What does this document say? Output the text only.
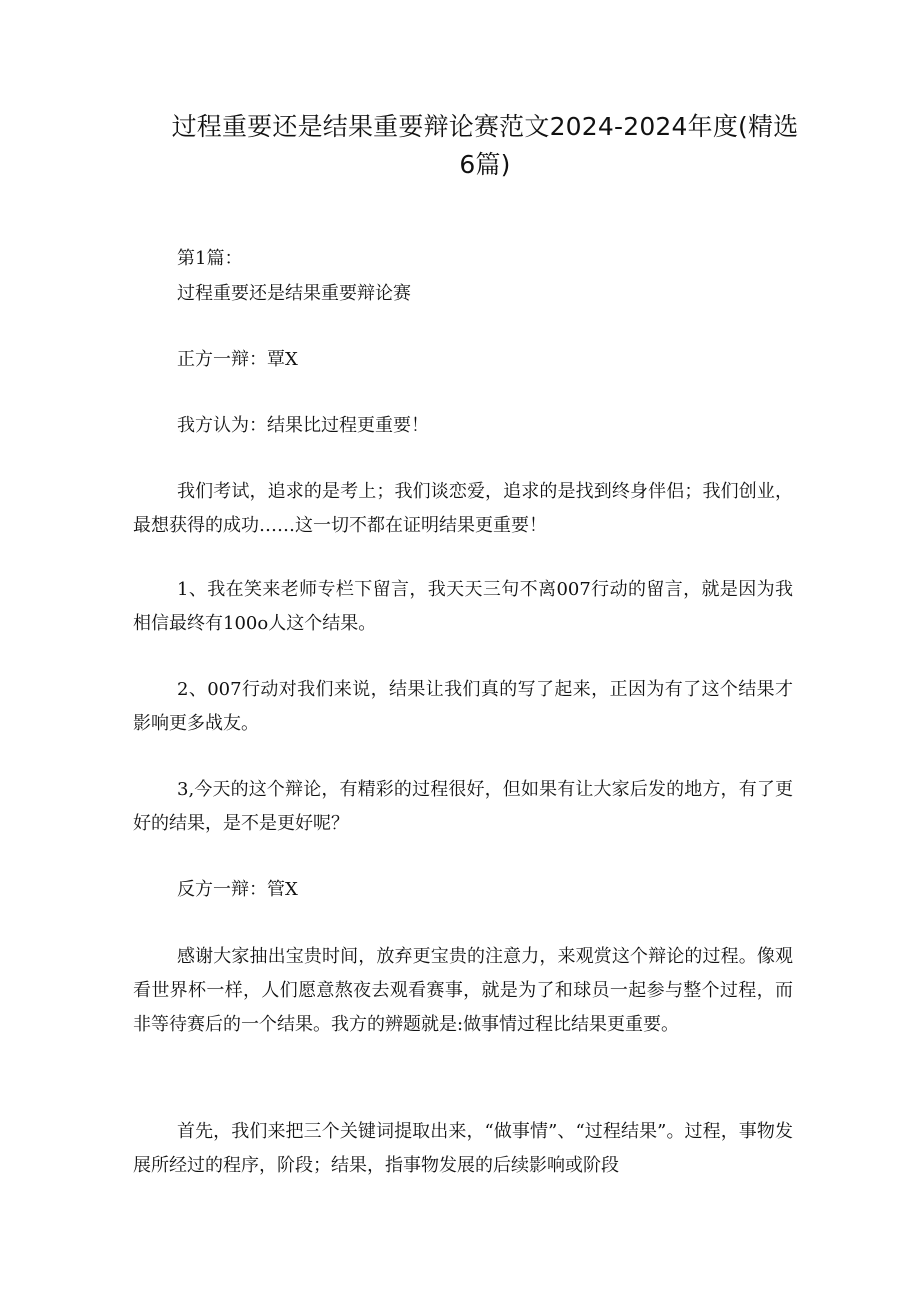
过程重要还是结果重要辩论赛范文2024-2024年度(精选6篇)

第1篇：

过程重要还是结果重要辩论赛

正方一辩：覃X

我方认为：结果比过程更重要！

我们考试，追求的是考上；我们谈恋爱，追求的是找到终身伴侣；我们创业，最想获得的成功……这一切不都在证明结果更重要！

1、我在笑来老师专栏下留言，我天天三句不离007行动的留言，就是因为我相信最终有100o人这个结果。

2、007行动对我们来说，结果让我们真的写了起来，正因为有了这个结果才影响更多战友。

3,今天的这个辩论，有精彩的过程很好，但如果有让大家后发的地方，有了更好的结果，是不是更好呢？

反方一辩：管X

感谢大家抽出宝贵时间，放弃更宝贵的注意力，来观赏这个辩论的过程。像观看世界杯一样，人们愿意熬夜去观看赛事，就是为了和球员一起参与整个过程，而非等待赛后的一个结果。我方的辨题就是:做事情过程比结果更重要。

首先，我们来把三个关键词提取出来，“做事情”、“过程结果”。过程，事物发展所经过的程序，阶段；结果，指事物发展的后续影响或阶段
